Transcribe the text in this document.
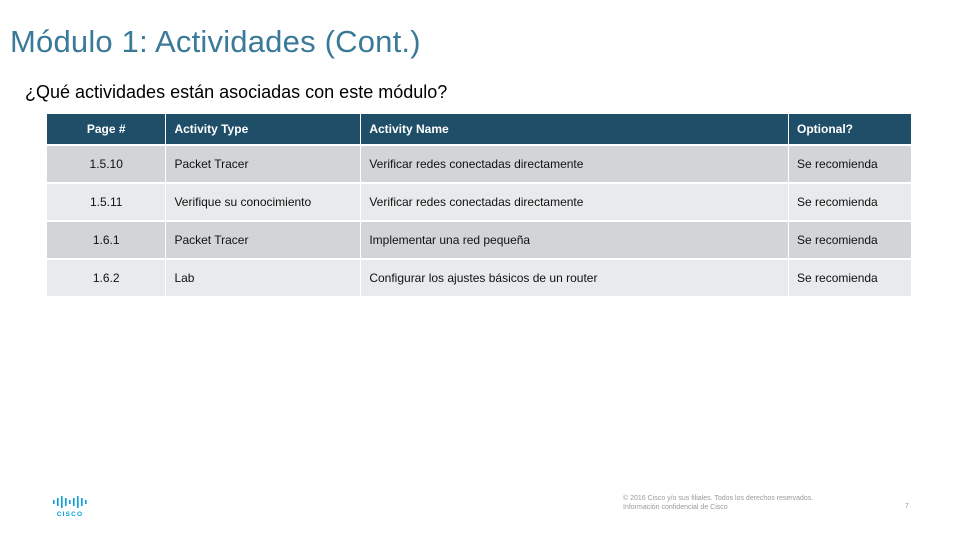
Módulo 1: Actividades (Cont.)
¿Qué actividades están asociadas con este módulo?
Page #	Activity Type	Activity Name	Optional?
1.5.10	Packet Tracer	Verificar redes conectadas directamente	Se recomienda
1.5.11	Verifique su conocimiento	Verificar redes conectadas directamente	Se recomienda
1.6.1	Packet Tracer	Implementar una red pequeña	Se recomienda
1.6.2	Lab	Configurar los ajustes básicos de un router	Se recomienda
CISCO
© 2016 Cisco y/o sus filiales. Todos los derechos reservados.
Información confidencial de Cisco	7
